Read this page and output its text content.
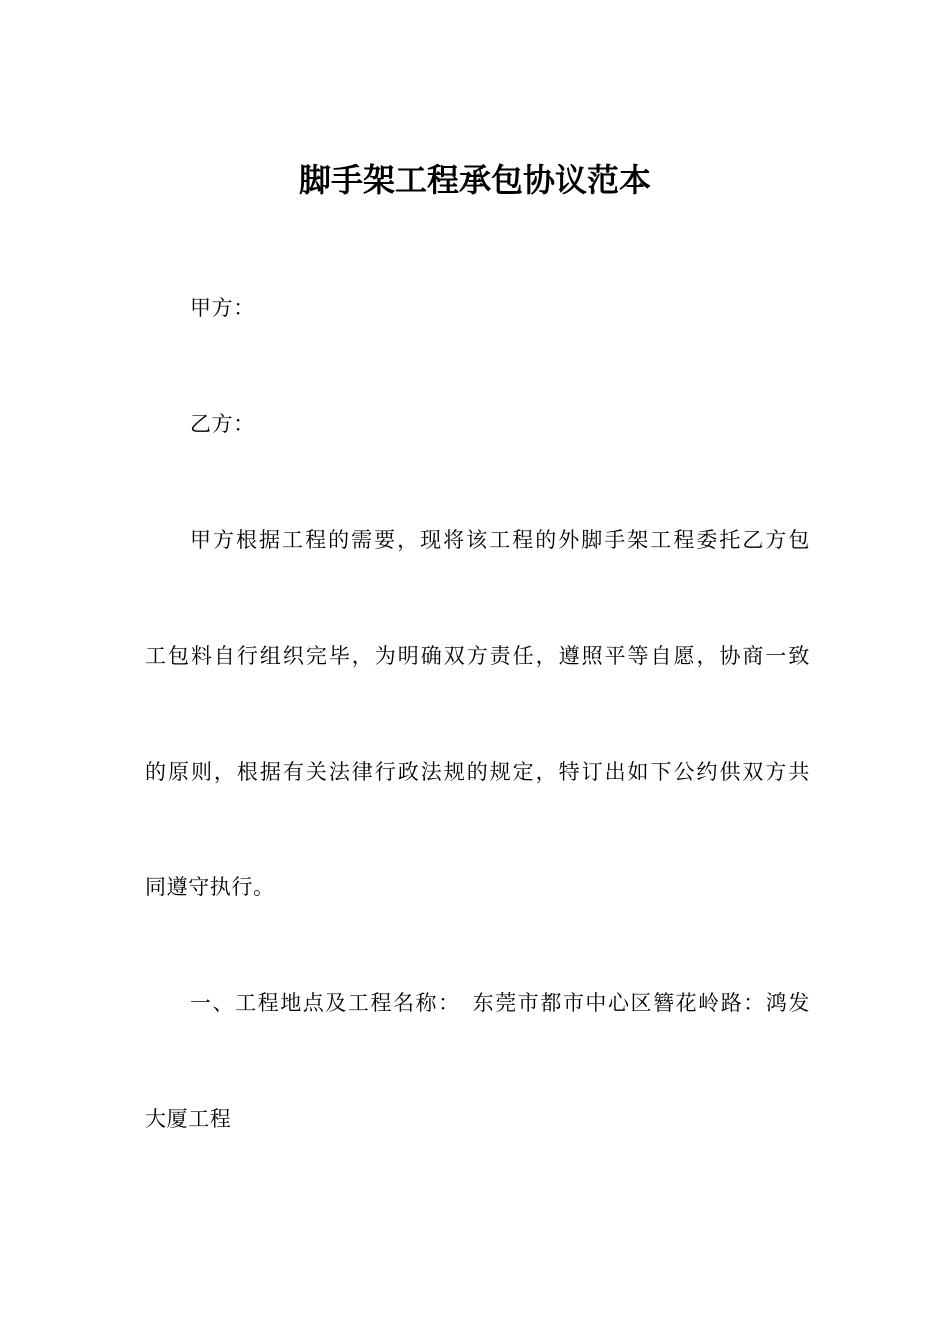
脚手架工程承包协议范本
甲方：
乙方：
甲方根据工程的需要，现将该工程的外脚手架工程委托乙方包
工包料自行组织完毕，为明确双方责任，遵照平等自愿，协商一致
的原则，根据有关法律行政法规的规定，特订出如下公约供双方共
同遵守执行。
一、工程地点及工程名称：　东莞市都市中心区簪花岭路：鸿发
大厦工程
